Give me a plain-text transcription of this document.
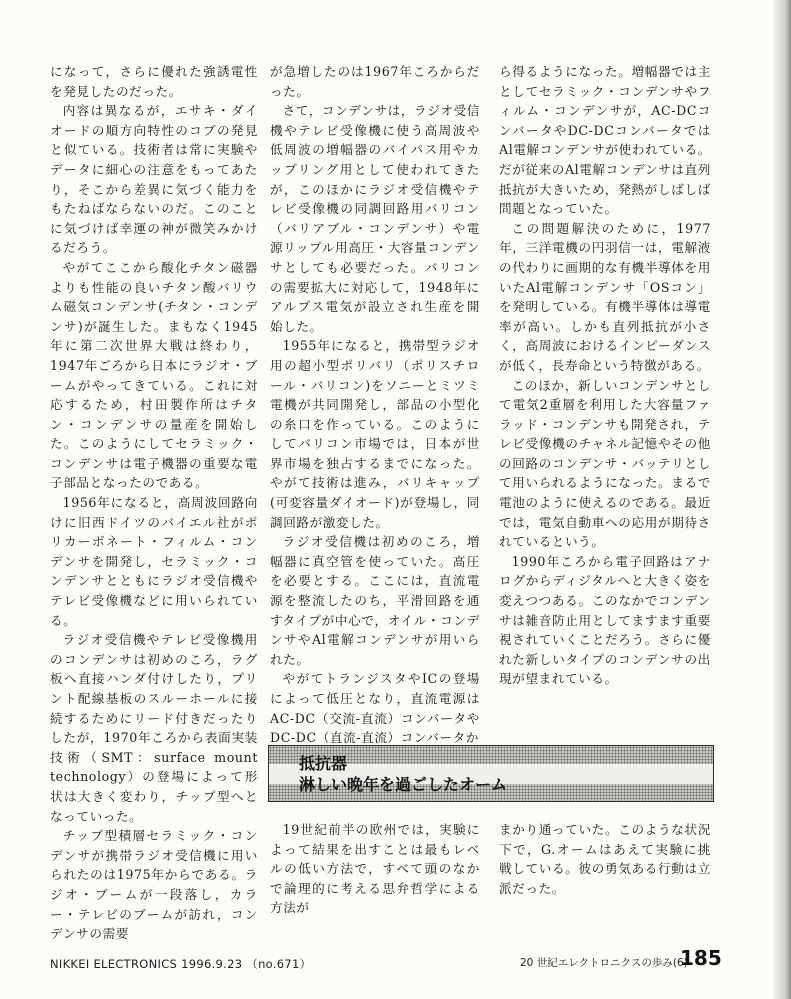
になって，さらに優れた強誘電性を発見したのだった。

内容は異なるが，エサキ・ダイオードの順方向特性のコブの発見と似ている。技術者は常に実験やデータに細心の注意をもってあたり，そこから差異に気づく能力をもたねばならないのだ。このことに気づけば幸運の神が微笑みかけるだろう。

やがてここから酸化チタン磁器よりも性能の良いチタン酸バリウム磁気コンデンサ(チタン・コンデンサ)が誕生した。まもなく1945年に第二次世界大戦は終わり，1947年ごろから日本にラジオ・ブームがやってきている。これに対応するため，村田製作所はチタン・コンデンサの量産を開始した。このようにしてセラミック・コンデンサは電子機器の重要な電子部品となったのである。

1956年になると，高周波回路向けに旧西ドイツのバイエル社がポリカーボネート・フィルム・コンデンサを開発し，セラミック・コンデンサとともにラジオ受信機やテレビ受像機などに用いられている。

ラジオ受信機やテレビ受像機用のコンデンサは初めのころ，ラグ板へ直接ハンダ付けしたり，プリント配線基板のスルーホールに接続するためにリード付きだったりしたが，1970年ころから表面実装技術（SMT：surface mount technology）の登場によって形状は大きく変わり，チップ型へとなっていった。

チップ型積層セラミック・コンデンサが携帯ラジオ受信機に用いられたのは1975年からである。ラジオ・ブームが一段落し，カラー・テレビのブームが訪れ，コンデンサの需要

が急増したのは1967年ころからだった。

さて，コンデンサは，ラジオ受信機やテレビ受像機に使う高周波や低周波の増幅器のバイパス用やカップリング用として使われてきたが，このほかにラジオ受信機やテレビ受像機の同調回路用バリコン（バリアブル・コンデンサ）や電源リップル用高圧・大容量コンデンサとしても必要だった。バリコンの需要拡大に対応して，1948年にアルプス電気が設立され生産を開始した。

1955年になると，携帯型ラジオ用の超小型ポリバリ（ポリスチロール・バリコン)をソニーとミツミ電機が共同開発し，部品の小型化の糸口を作っている。このようにしてバリコン市場では，日本が世界市場を独占するまでになった。やがて技術は進み，バリキャップ(可変容量ダイオード)が登場し，同調回路が激変した。

ラジオ受信機は初めのころ，増幅器に真空管を使っていた。高圧を必要とする。ここには，直流電源を整流したのち，平滑回路を通すタイプが中心で，オイル・コンデンサやAl電解コンデンサが用いられた。

やがてトランジスタやICの登場によって低圧となり，直流電源はAC-DC（交流-直流）コンバータやDC-DC（直流-直流）コンバータか

ら得るようになった。増幅器では主としてセラミック・コンデンサやフィルム・コンデンサが，AC-DCコンバータやDC-DCコンバータではAl電解コンデンサが使われている。だが従来のAl電解コンデンサは直列抵抗が大きいため，発熱がしばしば問題となっていた。

この問題解決のために，1977年，三洋電機の円羽信一は，電解液の代わりに画期的な有機半導体を用いたAl電解コンデンサ「OSコン」を発明している。有機半導体は導電率が高い。しかも直列抵抗が小さく，高周波におけるインピーダンスが低く，長寿命という特徴がある。

このほか，新しいコンデンサとして電気2重層を利用した大容量ファラッド・コンデンサも開発され，テレビ受像機のチャネル記憶やその他の回路のコンデンサ・バッテリとして用いられるようになった。まるで電池のように使えるのである。最近では，電気自動車への応用が期待されているという。

1990年ころから電子回路はアナログからディジタルへと大きく姿を変えつつある。このなかでコンデンサは雑音防止用としてますます重要視されていくことだろう。さらに優れた新しいタイプのコンデンサの出現が望まれている。

抵抗器
淋しい晩年を過ごしたオーム

19世紀前半の欧州では，実験によって結果を出すことは最もレベルの低い方法で，すべて頭のなかで論理的に考える思弁哲学による方法が

まかり通っていた。このような状況下で，G.オームはあえて実験に挑戦している。彼の勇気ある行動は立派だった。

NIKKEI ELECTRONICS 1996.9.23 （no.671）	20 世紀エレクトロニクスの歩み(6)
185
